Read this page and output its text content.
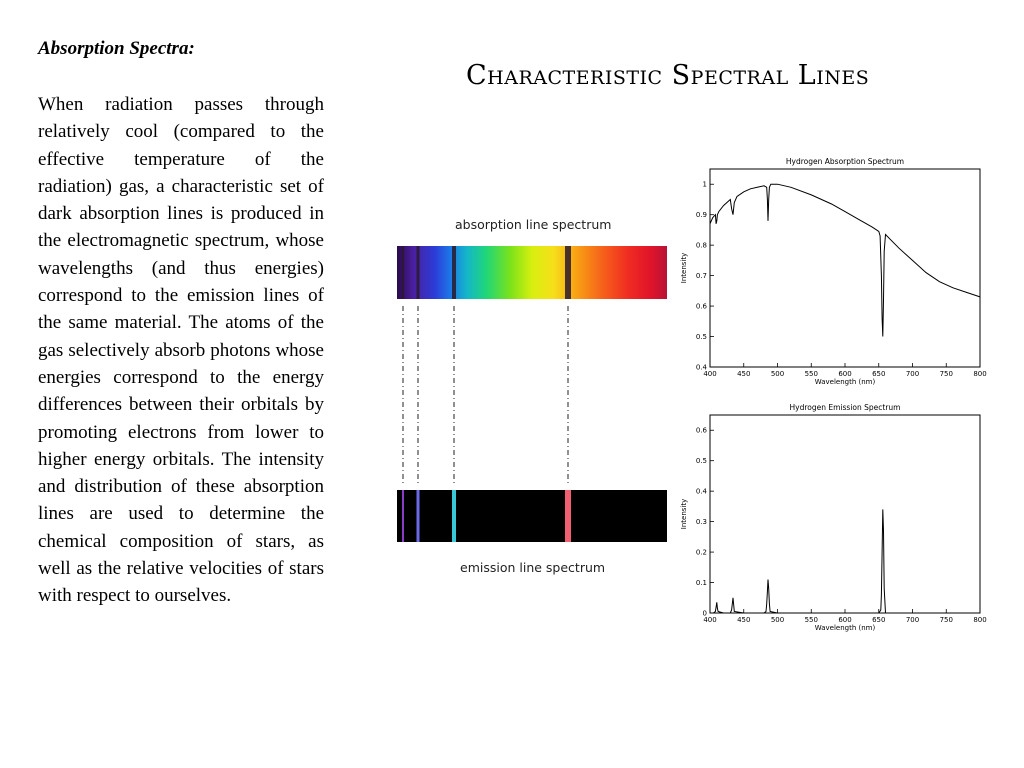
Absorption Spectra:
When radiation passes through relatively cool (compared to the effective temperature of the radiation) gas, a characteristic set of dark absorption lines is produced in the electromagnetic spectrum, whose wavelengths (and thus energies) correspond to the emission lines of the same material. The atoms of the gas selectively absorb photons whose energies correspond to the energy differences between their orbitals by promoting electrons from lower to higher energy orbitals. The intensity and distribution of these absorption lines are used to determine the chemical composition of stars, as well as the relative velocities of stars with respect to ourselves.
Characteristic Spectral Lines
absorption line spectrum
emission line spectrum
Hydrogen Absorption Spectrum
400	450	500	550	600	650	700	750	800
0.4
0.5
0.6
0.7
0.8
0.9
1
Wavelength (nm)
Intensity
Hydrogen Emission Spectrum
400	450	500	550	600	650	700	750	800
0
0.1
0.2
0.3
0.4
0.5
0.6
Wavelength (nm)
Intensity
